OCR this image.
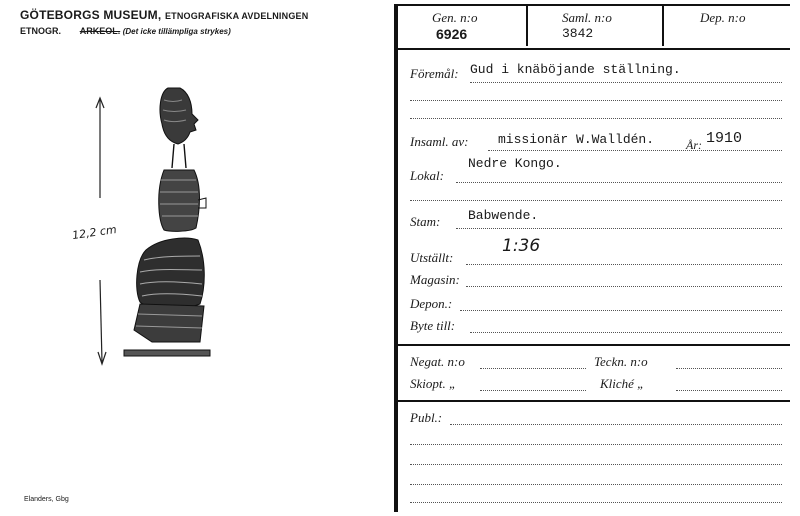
GÖTEBORGS MUSEUM, ETNOGRAFISKA AVDELNINGEN
ETNOGR. ARKEOL. (Det icke tillämpliga strykes)
12,2 cm
Elanders, Gbg
Gen. n:o
6926
Saml. n:o
3842
Dep. n:o
Föremål: Gud i knäböjande ställning.
Insaml. av: missionär W.Walldén.	År: 1910
Lokal:
Nedre Kongo.
Stam: Babwende.
Utställt:
1:36
Magasin:
Depon.:
Byte till:
Negat. n:o	Teckn. n:o
Skiopt. „	Kliché „
Publ.:
